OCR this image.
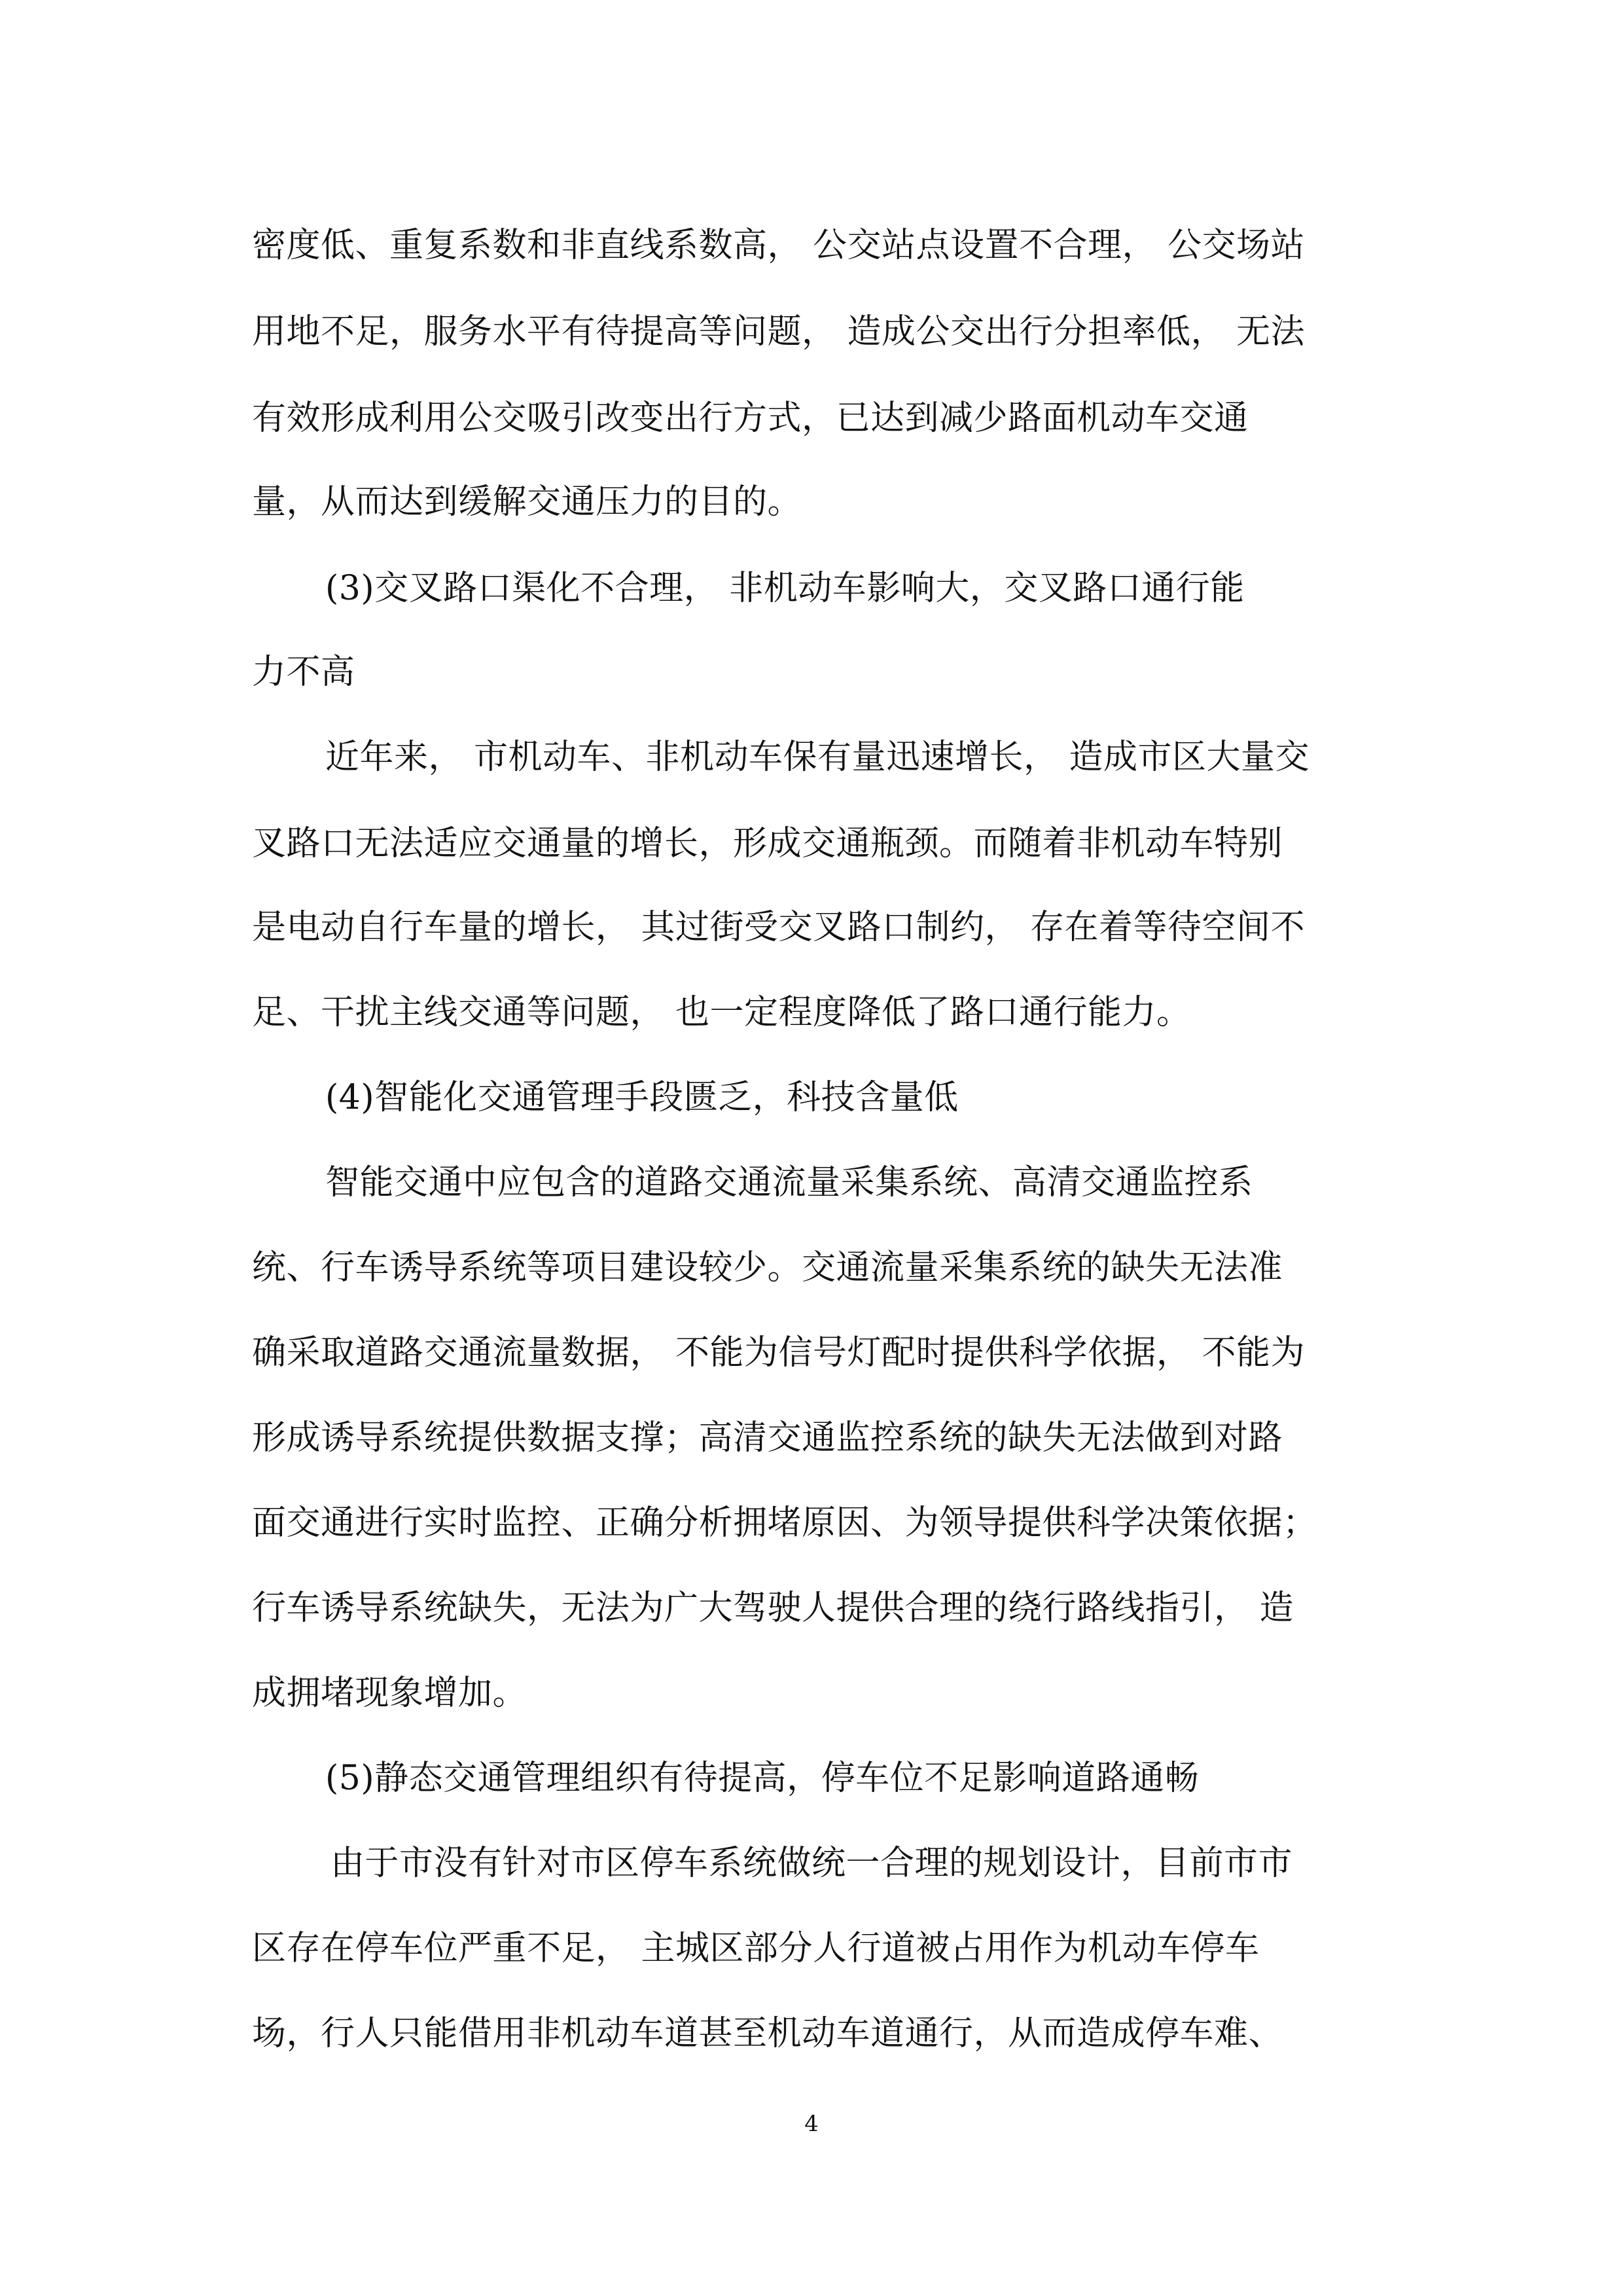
密度低、重复系数和非直线系数高， 公交站点设置不合理， 公交场站
用地不足，服务水平有待提高等问题， 造成公交出行分担率低， 无法
有效形成利用公交吸引改变出行方式，已达到减少路面机动车交通
量，从而达到缓解交通压力的目的。
(3)交叉路口渠化不合理， 非机动车影响大，交叉路口通行能
力不高
近年来， 市机动车、非机动车保有量迅速增长， 造成市区大量交
叉路口无法适应交通量的增长，形成交通瓶颈。而随着非机动车特别
是电动自行车量的增长， 其过街受交叉路口制约， 存在着等待空间不
足、干扰主线交通等问题， 也一定程度降低了路口通行能力。
(4)智能化交通管理手段匮乏，科技含量低
智能交通中应包含的道路交通流量采集系统、高清交通监控系
统、行车诱导系统等项目建设较少。交通流量采集系统的缺失无法准
确采取道路交通流量数据， 不能为信号灯配时提供科学依据， 不能为
形成诱导系统提供数据支撑；高清交通监控系统的缺失无法做到对路
面交通进行实时监控、正确分析拥堵原因、为领导提供科学决策依据；
行车诱导系统缺失，无法为广大驾驶人提供合理的绕行路线指引， 造
成拥堵现象增加。
(5)静态交通管理组织有待提高，停车位不足影响道路通畅
由于市没有针对市区停车系统做统一合理的规划设计，目前市市
区存在停车位严重不足， 主城区部分人行道被占用作为机动车停车
场，行人只能借用非机动车道甚至机动车道通行，从而造成停车难、
4
